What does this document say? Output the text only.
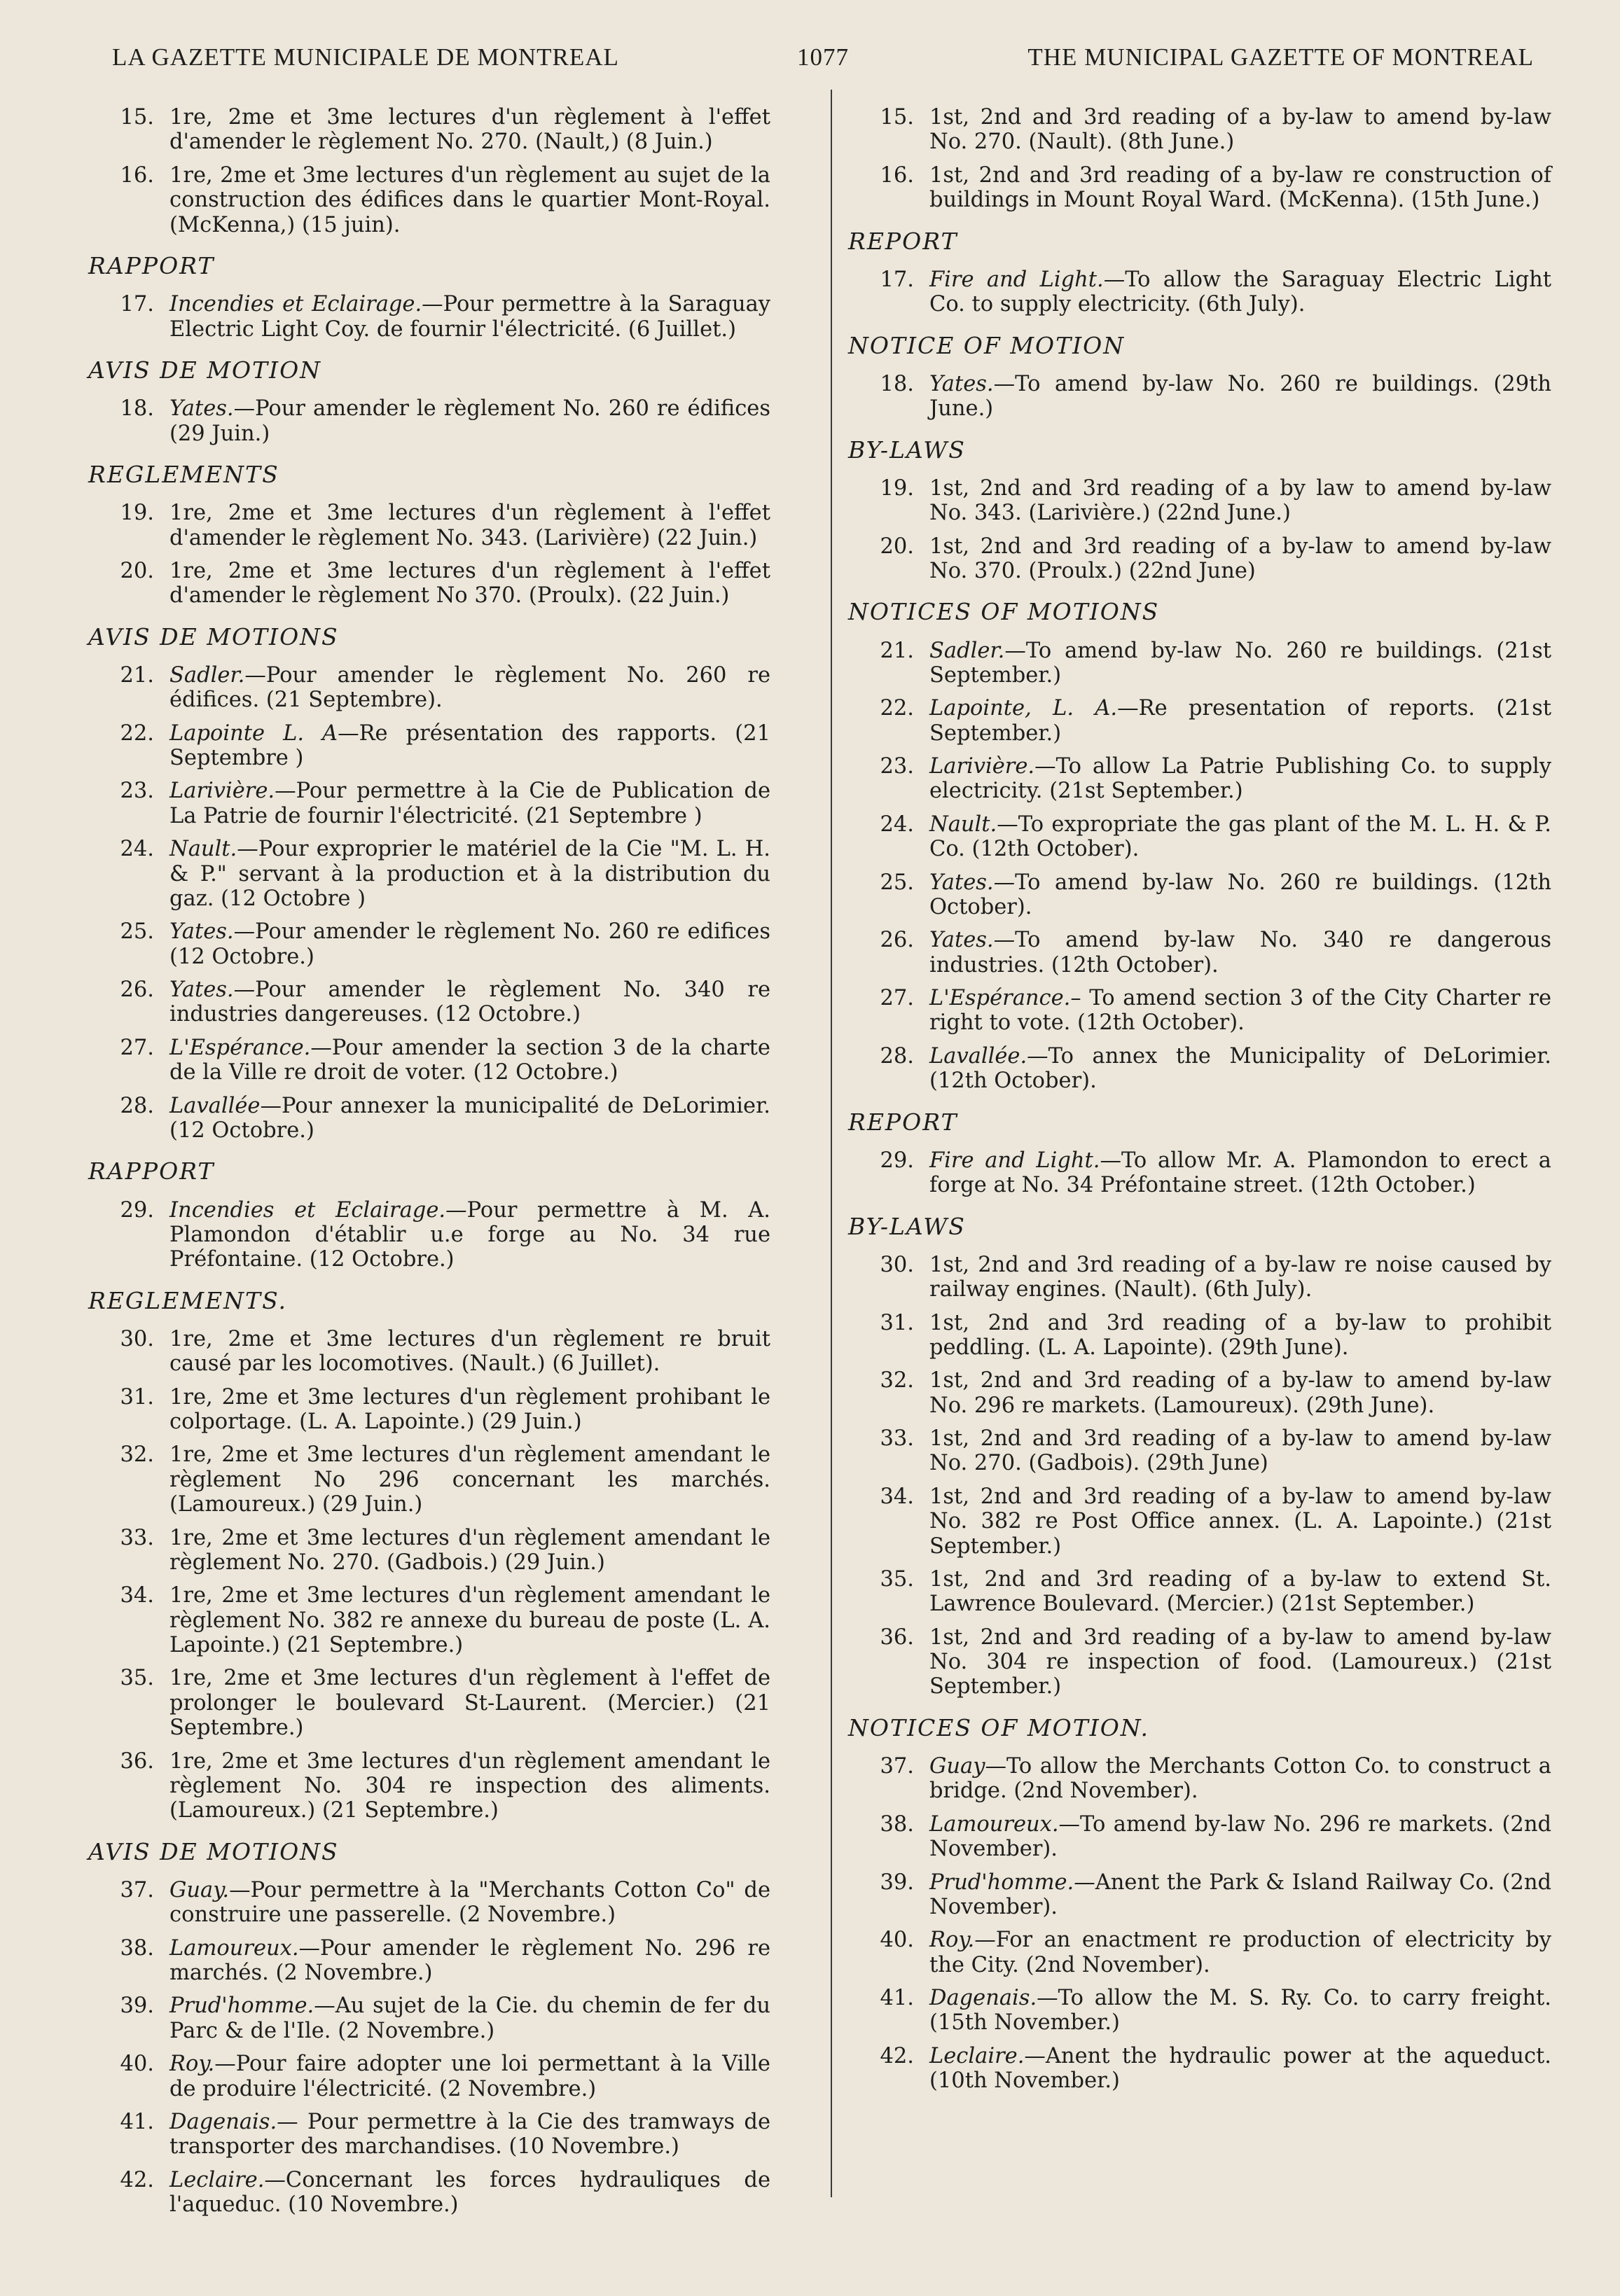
LA GAZETTE MUNICIPALE DE MONTREAL	1077	THE MUNICIPAL GAZETTE OF MONTREAL
15. 1re, 2me et 3me lectures d'un règlement à l'effet d'amender le règlement No. 270. (Nault,) (8 Juin.)
16. 1re, 2me et 3me lectures d'un règlement au sujet de la construction des édifices dans le quartier Mont-Royal. (McKenna,) (15 juin).
RAPPORT
17. Incendies et Eclairage.—Pour permettre à la Saraguay Electric Light Coy. de fournir l'électricité. (6 Juillet.)
AVIS DE MOTION
18. Yates.—Pour amender le règlement No. 260 re édifices (29 Juin.)
REGLEMENTS
19. 1re, 2me et 3me lectures d'un règlement à l'effet d'amender le règlement No. 343. (Larivière) (22 Juin.)
20. 1re, 2me et 3me lectures d'un règlement à l'effet d'amender le règlement No 370. (Proulx). (22 Juin.)
AVIS DE MOTIONS
21. Sadler.—Pour amender le règlement No. 260 re édifices. (21 Septembre).
22. Lapointe L. A—Re présentation des rapports. (21 Septembre )
23. Larivière.—Pour permettre à la Cie de Publication de La Patrie de fournir l'électricité. (21 Septembre )
24. Nault.—Pour exproprier le matériel de la Cie "M. L. H. & P." servant à la production et à la distribution du gaz. (12 Octobre )
25. Yates.—Pour amender le règlement No. 260 re edifices (12 Octobre.)
26. Yates.—Pour amender le règlement No. 340 re industries dangereuses. (12 Octobre.)
27. L'Espérance.—Pour amender la section 3 de la charte de la Ville re droit de voter. (12 Octobre.)
28. Lavallée—Pour annexer la municipalité de DeLorimier. (12 Octobre.)
RAPPORT
29. Incendies et Eclairage.—Pour permettre à M. A. Plamondon d'établir u.e forge au No. 34 rue Préfontaine. (12 Octobre.)
REGLEMENTS.
30. 1re, 2me et 3me lectures d'un règlement re bruit causé par les locomotives. (Nault.) (6 Juillet).
31. 1re, 2me et 3me lectures d'un règlement prohibant le colportage. (L. A. Lapointe.) (29 Juin.)
32. 1re, 2me et 3me lectures d'un règlement amendant le règlement No 296 concernant les marchés. (Lamoureux.) (29 Juin.)
33. 1re, 2me et 3me lectures d'un règlement amendant le règlement No. 270. (Gadbois.) (29 Juin.)
34. 1re, 2me et 3me lectures d'un règlement amendant le règlement No. 382 re annexe du bureau de poste (L. A. Lapointe.) (21 Septembre.)
35. 1re, 2me et 3me lectures d'un règlement à l'effet de prolonger le boulevard St-Laurent. (Mercier.) (21 Septembre.)
36. 1re, 2me et 3me lectures d'un règlement amendant le règlement No. 304 re inspection des aliments. (Lamoureux.) (21 Septembre.)
AVIS DE MOTIONS
37. Guay.—Pour permettre à la "Merchants Cotton Co" de construire une passerelle. (2 Novembre.)
38. Lamoureux.—Pour amender le règlement No. 296 re marchés. (2 Novembre.)
39. Prud'homme.—Au sujet de la Cie. du chemin de fer du Parc & de l'Ile. (2 Novembre.)
40. Roy.—Pour faire adopter une loi permettant à la Ville de produire l'électricité. (2 Novembre.)
41. Dagenais.— Pour permettre à la Cie des tramways de transporter des marchandises. (10 Novembre.)
42. Leclaire.—Concernant les forces hydrauliques de l'aqueduc. (10 Novembre.)
15. 1st, 2nd and 3rd reading of a by-law to amend by-law No. 270. (Nault). (8th June.)
16. 1st, 2nd and 3rd reading of a by-law re construction of buildings in Mount Royal Ward. (McKenna). (15th June.)
REPORT
17. Fire and Light.—To allow the Saraguay Electric Light Co. to supply electricity. (6th July).
NOTICE OF MOTION
18. Yates.—To amend by-law No. 260 re buildings. (29th June.)
BY-LAWS
19. 1st, 2nd and 3rd reading of a by law to amend by-law No. 343. (Larivière.) (22nd June.)
20. 1st, 2nd and 3rd reading of a by-law to amend by-law No. 370. (Proulx.) (22nd June)
NOTICES OF MOTIONS
21. Sadler.—To amend by-law No. 260 re buildings. (21st September.)
22. Lapointe, L. A.—Re presentation of reports. (21st September.)
23. Larivière.—To allow La Patrie Publishing Co. to supply electricity. (21st September.)
24. Nault.—To expropriate the gas plant of the M. L. H. & P. Co. (12th October).
25. Yates.—To amend by-law No. 260 re buildings. (12th October).
26. Yates.—To amend by-law No. 340 re dangerous industries. (12th October).
27. L'Espérance.– To amend section 3 of the City Charter re right to vote. (12th October).
28. Lavallée.—To annex the Municipality of DeLorimier. (12th October).
REPORT
29. Fire and Light.—To allow Mr. A. Plamondon to erect a forge at No. 34 Préfontaine street. (12th October.)
BY-LAWS
30. 1st, 2nd and 3rd reading of a by-law re noise caused by railway engines. (Nault). (6th July).
31. 1st, 2nd and 3rd reading of a by-law to prohibit peddling. (L. A. Lapointe). (29th June).
32. 1st, 2nd and 3rd reading of a by-law to amend by-law No. 296 re markets. (Lamoureux). (29th June).
33. 1st, 2nd and 3rd reading of a by-law to amend by-law No. 270. (Gadbois). (29th June)
34. 1st, 2nd and 3rd reading of a by-law to amend by-law No. 382 re Post Office annex. (L. A. Lapointe.) (21st September.)
35. 1st, 2nd and 3rd reading of a by-law to extend St. Lawrence Boulevard. (Mercier.) (21st September.)
36. 1st, 2nd and 3rd reading of a by-law to amend by-law No. 304 re inspection of food. (Lamoureux.) (21st September.)
NOTICES OF MOTION.
37. Guay—To allow the Merchants Cotton Co. to construct a bridge. (2nd November).
38. Lamoureux.—To amend by-law No. 296 re markets. (2nd November).
39. Prud'homme.—Anent the Park & Island Railway Co. (2nd November).
40. Roy.—For an enactment re production of electricity by the City. (2nd November).
41. Dagenais.—To allow the M. S. Ry. Co. to carry freight. (15th November.)
42. Leclaire.—Anent the hydraulic power at the aqueduct. (10th November.)
